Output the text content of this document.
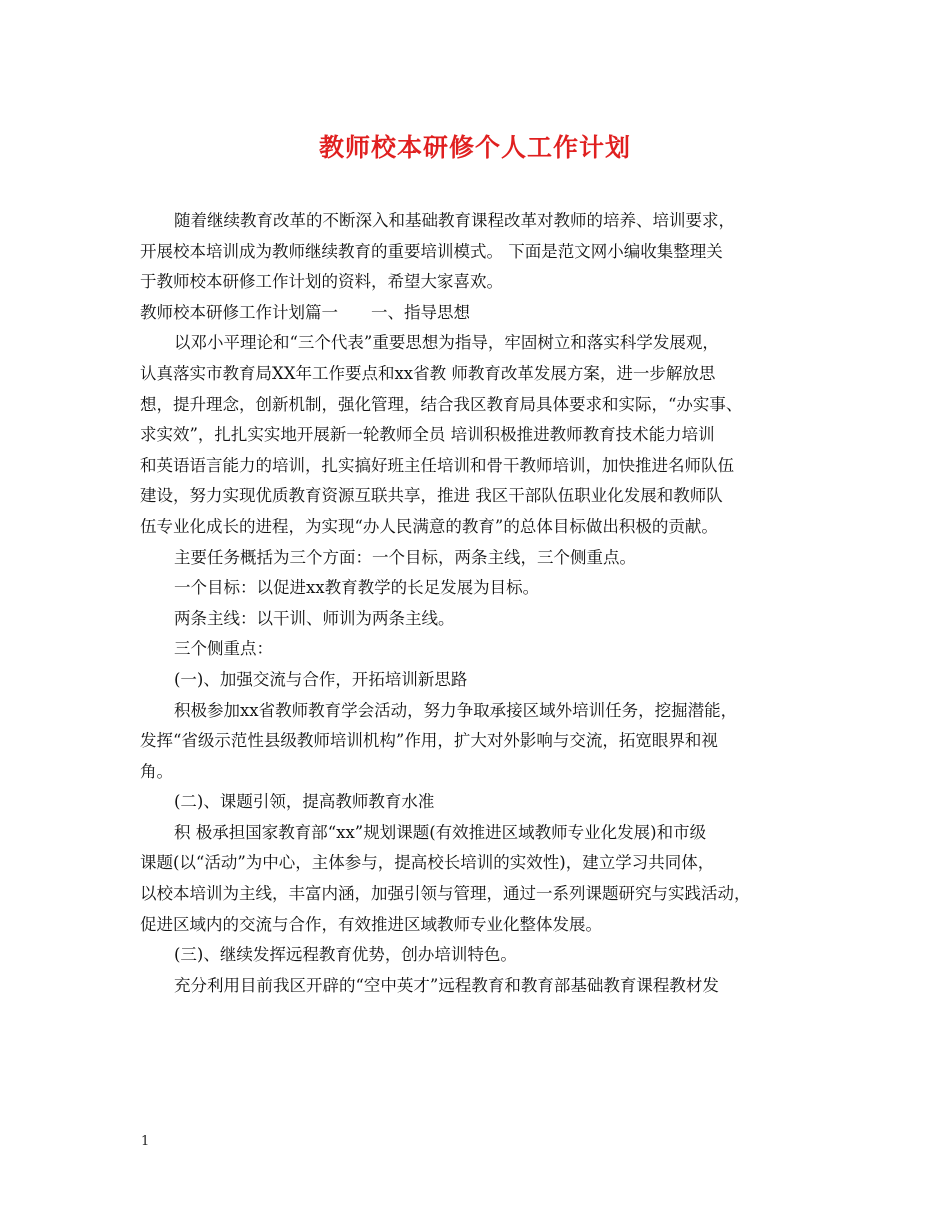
教师校本研修个人工作计划
随着继续教育改革的不断深入和基础教育课程改革对教师的培养、培训要求，
开展校本培训成为教师继续教育的重要培训模式。 下面是范文网小编收集整理关
于教师校本研修工作计划的资料，希望大家喜欢。
教师校本研修工作计划篇一　　一、指导思想
以邓小平理论和“三个代表”重要思想为指导，牢固树立和落实科学发展观，
认真落实市教育局XX年工作要点和xx省教 师教育改革发展方案，进一步解放思
想，提升理念，创新机制，强化管理，结合我区教育局具体要求和实际，“办实事、
求实效”，扎扎实实地开展新一轮教师全员 培训积极推进教师教育技术能力培训
和英语语言能力的培训，扎实搞好班主任培训和骨干教师培训，加快推进名师队伍
建设，努力实现优质教育资源互联共享，推进 我区干部队伍职业化发展和教师队
伍专业化成长的进程，为实现“办人民满意的教育”的总体目标做出积极的贡献。
主要任务概括为三个方面：一个目标，两条主线，三个侧重点。
一个目标：以促进xx教育教学的长足发展为目标。
两条主线：以干训、师训为两条主线。
三个侧重点：
(一)、加强交流与合作，开拓培训新思路
积极参加xx省教师教育学会活动，努力争取承接区域外培训任务，挖掘潜能，
发挥“省级示范性县级教师培训机构”作用，扩大对外影响与交流，拓宽眼界和视
角。
(二)、课题引领，提高教师教育水准
积 极承担国家教育部“xx”规划课题(有效推进区域教师专业化发展)和市级
课题(以“活动”为中心，主体参与，提高校长培训的实效性)，建立学习共同体，
以校本培训为主线，丰富内涵，加强引领与管理，通过一系列课题研究与实践活动，
促进区域内的交流与合作，有效推进区域教师专业化整体发展。
(三)、继续发挥远程教育优势，创办培训特色。
充分利用目前我区开辟的“空中英才”远程教育和教育部基础教育课程教材发
1
